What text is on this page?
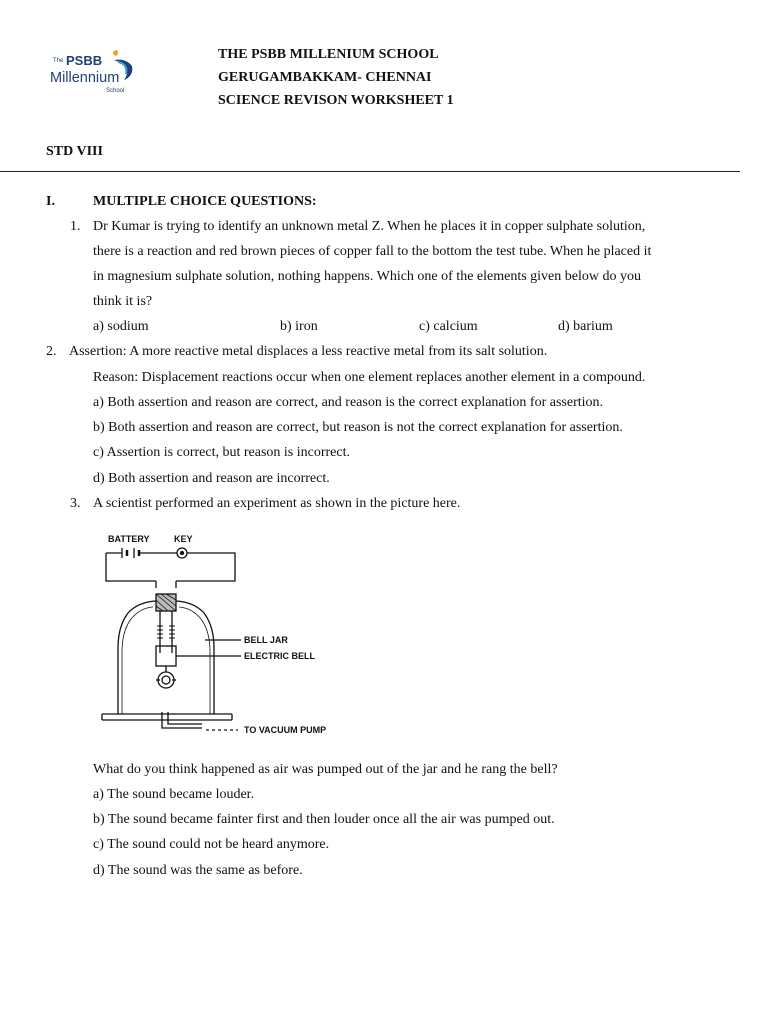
The PSBB
Millennium
School
THE PSBB MILLENIUM SCHOOL
GERUGAMBAKKAM- CHENNAI
SCIENCE REVISON WORKSHEET 1
STD VIII
I.	MULTIPLE CHOICE QUESTIONS:
1. Dr Kumar is trying to identify an unknown metal Z. When he places it in copper sulphate solution,
there is a reaction and red brown pieces of copper fall to the bottom the test tube. When he placed it
in magnesium sulphate solution, nothing happens. Which one of the elements given below do you
think it is?
a) sodium	b) iron	c) calcium	d) barium
2. Assertion: A more reactive metal displaces a less reactive metal from its salt solution.
Reason: Displacement reactions occur when one element replaces another element in a compound.
a) Both assertion and reason are correct, and reason is the correct explanation for assertion.
b) Both assertion and reason are correct, but reason is not the correct explanation for assertion.
c) Assertion is correct, but reason is incorrect.
d) Both assertion and reason are incorrect.
3. A scientist performed an experiment as shown in the picture here.
BATTERY	KEY
BELL JAR
ELECTRIC BELL
TO VACUUM PUMP
What do you think happened as air was pumped out of the jar and he rang the bell?
a) The sound became louder.
b) The sound became fainter first and then louder once all the air was pumped out.
c) The sound could not be heard anymore.
d) The sound was the same as before.
